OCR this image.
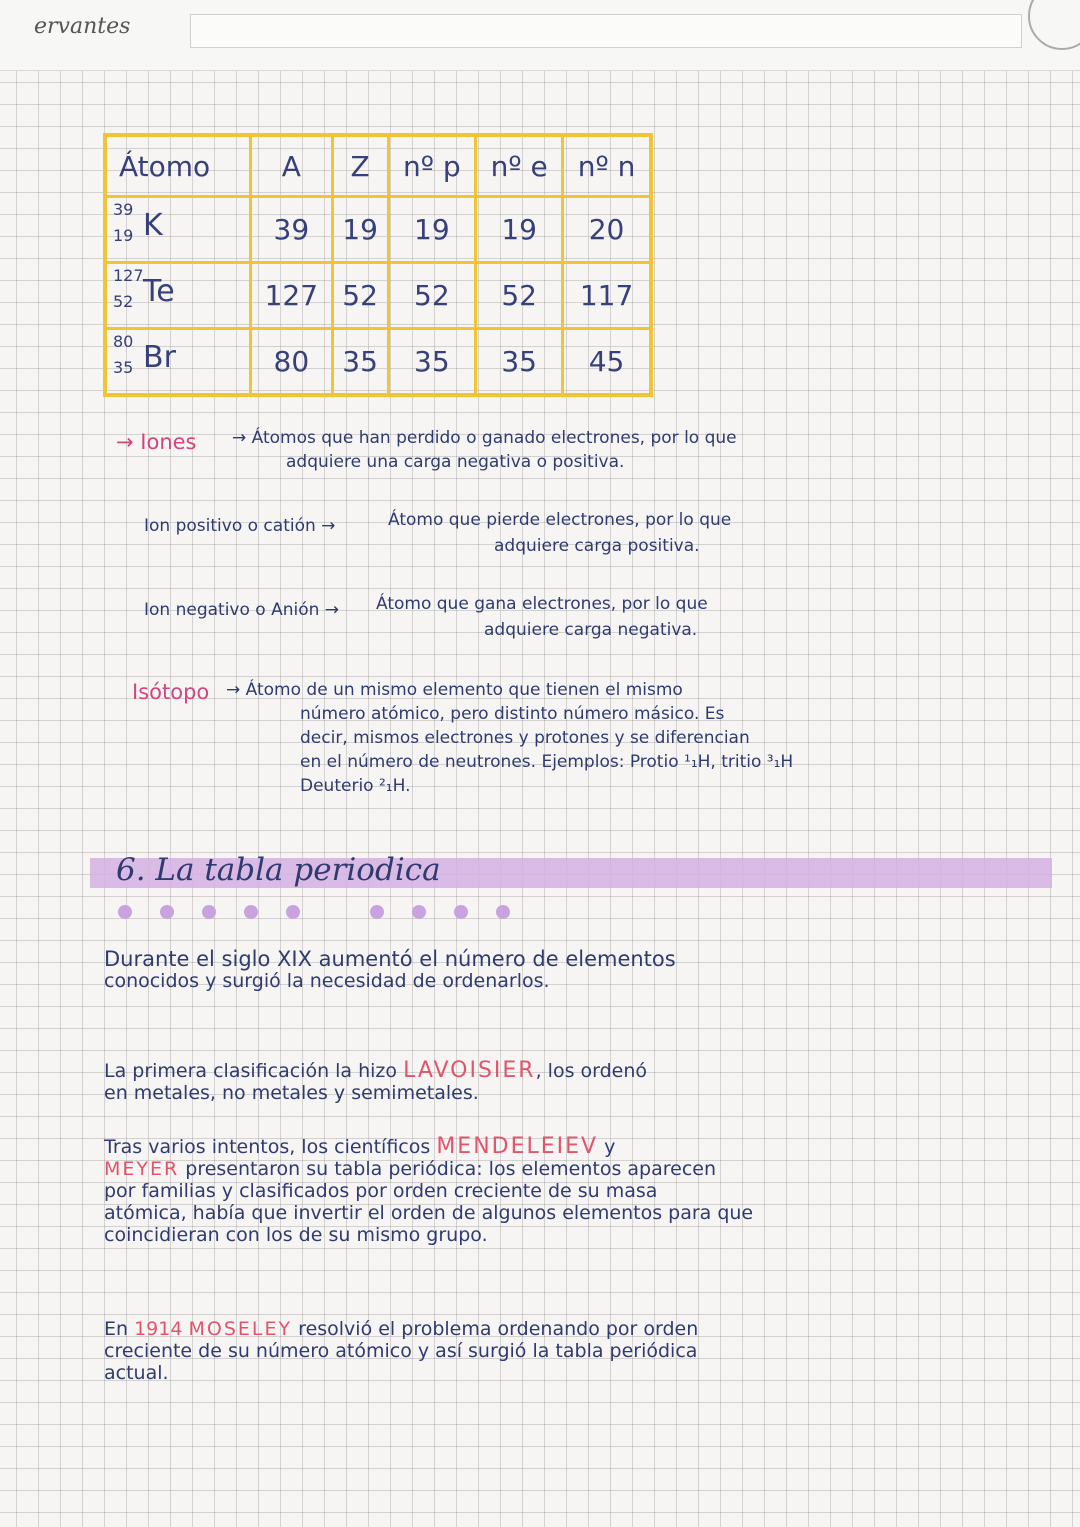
ervantes
Átomo	A	Z	nº p	nº e	nº n

39
19 K	39	19	19	19	20

127
52 Te	127	52	52	52	117

80
35 Br	80	35	35	35	45
→ Iones → Átomos que han perdido o ganado electrones, por lo que
adquiere una carga negativa o positiva.
Ion positivo o catión →	Átomo que pierde electrones, por lo que
adquiere carga positiva.
Ion negativo o Anión → Átomo que gana electrones, por lo que
adquiere carga negativa.
Isótopo → Átomo de un mismo elemento que tienen el mismo
número atómico, pero distinto número másico. Es
decir, mismos electrones y protones y se diferencian
en el número de neutrones. Ejemplos: Protio ¹₁H, tritio ³₁H
Deuterio ²₁H.
6. La tabla periodica

Durante el siglo XIX aumentó el número de elementos

conocidos y surgió la necesidad de ordenarlos.

La primera clasificación la hizo LAVOISIER, los ordenó

en metales, no metales y semimetales.

Tras varios intentos, los científicos MENDELEIEV y

MEYER presentaron su tabla periódica: los elementos aparecen

por familias y clasificados por orden creciente de su masa

atómica, había que invertir el orden de algunos elementos para que

coincidieran con los de su mismo grupo.

En 1914 MOSELEY resolvió el problema ordenando por orden

creciente de su número atómico y así surgió la tabla periódica

actual.
